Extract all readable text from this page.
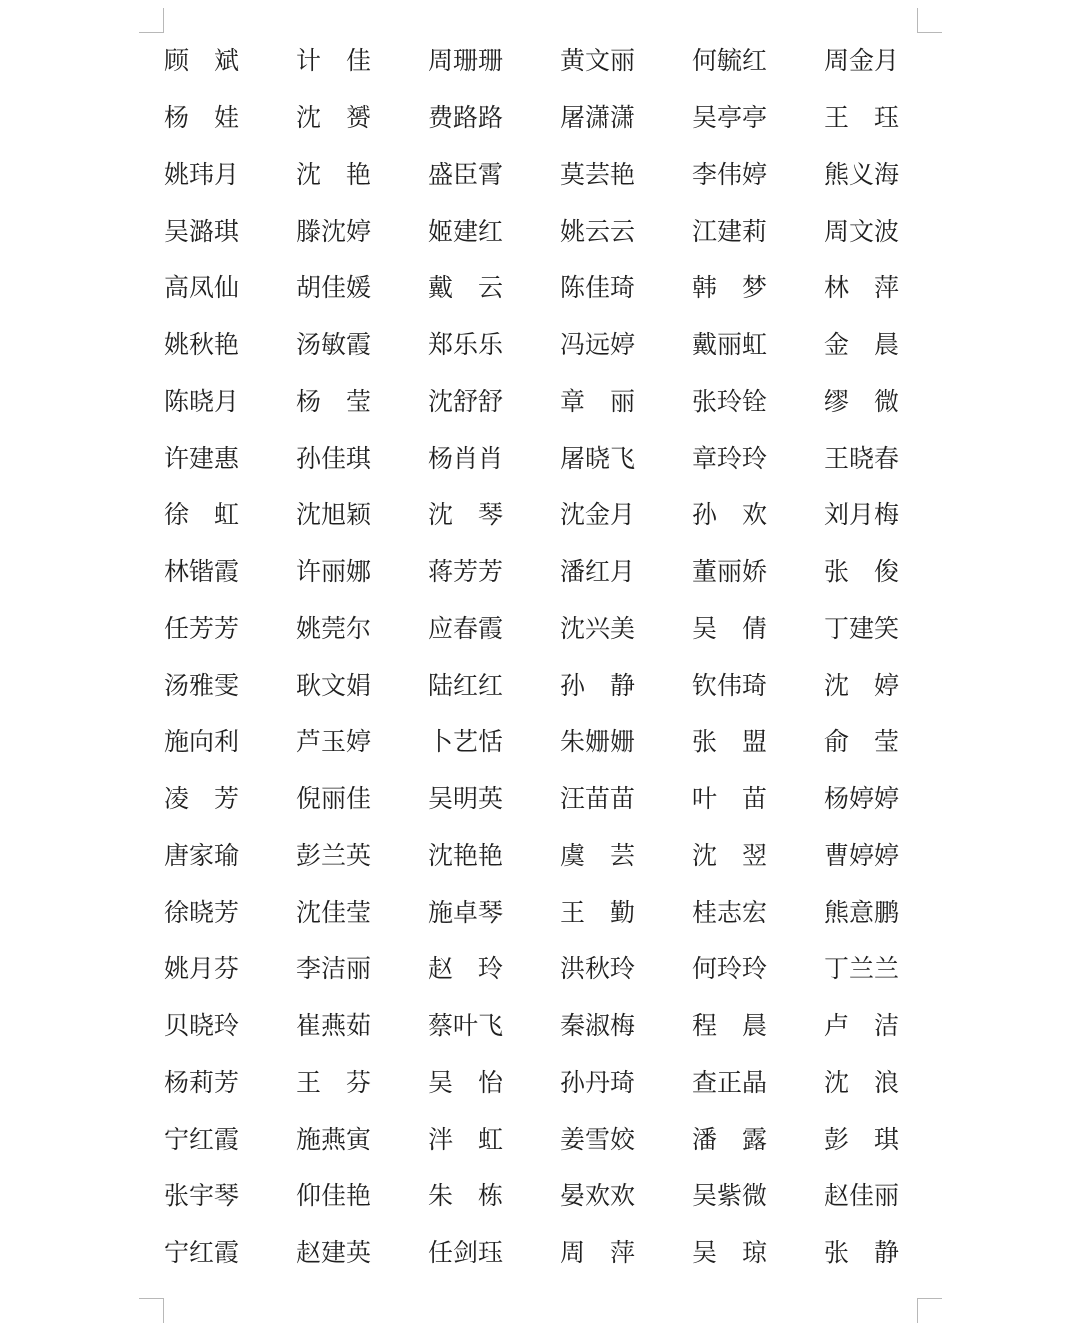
顾　斌	计　佳	周珊珊	黄文丽	何毓红	周金月
杨　娃	沈　赟	费路路	屠潇潇	吴亭亭	王　珏
姚玮月	沈　艳	盛臣霄	莫芸艳	李伟婷	熊义海
吴潞琪	滕沈婷	姬建红	姚云云	江建莉	周文波
高凤仙	胡佳媛	戴　云	陈佳琦	韩　梦	林　萍
姚秋艳	汤敏霞	郑乐乐	冯远婷	戴丽虹	金　晨
陈晓月	杨　莹	沈舒舒	章　丽	张玲铨	缪　微
许建惠	孙佳琪	杨肖肖	屠晓飞	章玲玲	王晓春
徐　虹	沈旭颖	沈　琴	沈金月	孙　欢	刘月梅
林锴霞	许丽娜	蒋芳芳	潘红月	董丽娇	张　俊
任芳芳	姚莞尔	应春霞	沈兴美	吴　倩	丁建笑
汤雅雯	耿文娟	陆红红	孙　静	钦伟琦	沈　婷
施向利	芦玉婷	卜艺恬	朱姗姗	张　盟	俞　莹
凌　芳	倪丽佳	吴明英	汪苗苗	叶　苗	杨婷婷
唐家瑜	彭兰英	沈艳艳	虞　芸	沈　翌	曹婷婷
徐晓芳	沈佳莹	施卓琴	王　勤	桂志宏	熊意鹏
姚月芬	李洁丽	赵　玲	洪秋玲	何玲玲	丁兰兰
贝晓玲	崔燕茹	蔡叶飞	秦淑梅	程　晨	卢　洁
杨莉芳	王　芬	吴　怡	孙丹琦	查正晶	沈　浪
宁红霞	施燕寅	泮　虹	姜雪姣	潘　露	彭　琪
张宇琴	仰佳艳	朱　栋	晏欢欢	吴紫微	赵佳丽
宁红霞	赵建英	任剑珏	周　萍	吴　琼	张　静
